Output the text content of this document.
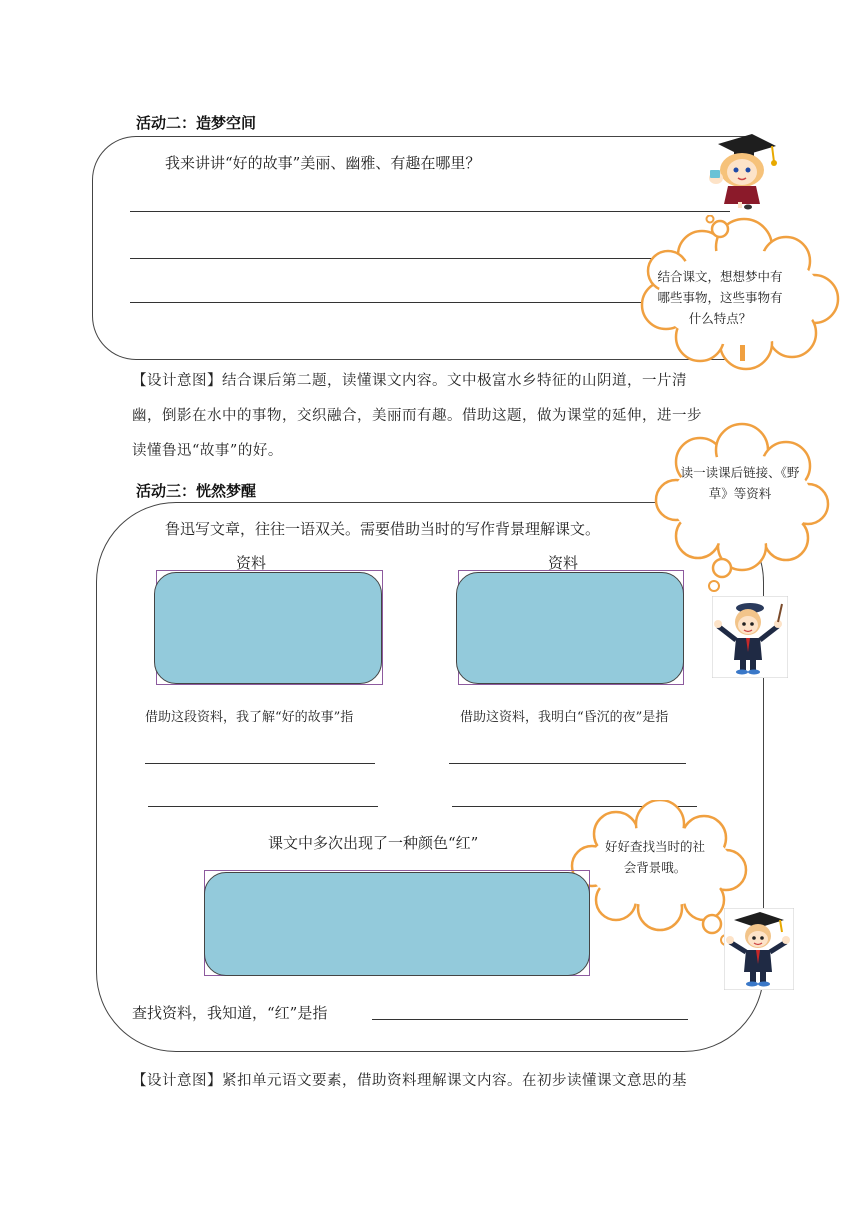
活动二：造梦空间
我来讲讲“好的故事”美丽、幽雅、有趣在哪里？
结合课文，想想梦中有哪些事物，这些事物有什么特点？
【设计意图】结合课后第二题，读懂课文内容。文中极富水乡特征的山阴道，一片清
幽，倒影在水中的事物，交织融合，美丽而有趣。借助这题，做为课堂的延伸，进一步
读懂鲁迅“故事”的好。
活动三：恍然梦醒
读一读课后链接、《野草》等资料
鲁迅写文章，往往一语双关。需要借助当时的写作背景理解课文。
资料	资料
借助这段资料，我了解“好的故事”指	借助这资料，我明白“昏沉的夜”是指
课文中多次出现了一种颜色“红”	好好查找当时的社会背景哦。
查找资料，我知道，“红”是指
【设计意图】紧扣单元语文要素，借助资料理解课文内容。在初步读懂课文意思的基
